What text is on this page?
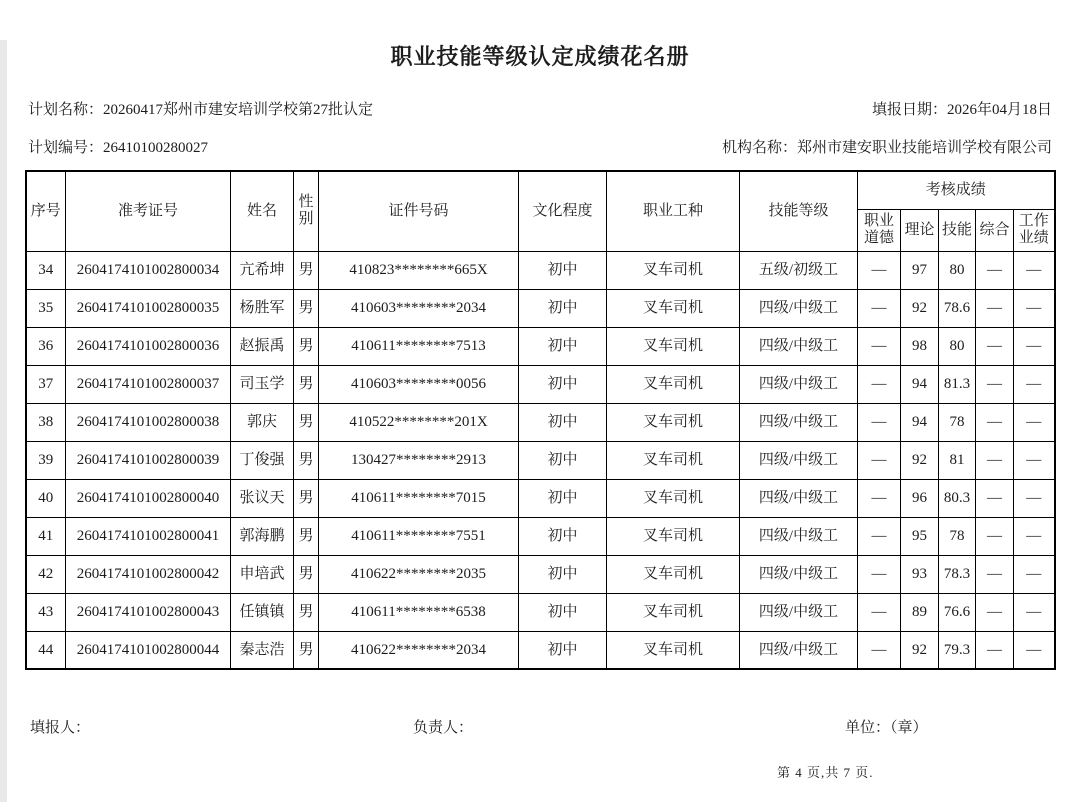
职业技能等级认定成绩花名册
计划名称：20260417郑州市建安培训学校第27批认定	填报日期：2026年04月18日
计划编号：26410100280027	机构名称：郑州市建安职业技能培训学校有限公司
序号	准考证号	姓名	性别	证件号码	文化程度	职业工种	技能等级	考核成绩				
								职业道德	理论	技能	综合	工作业绩
34	2604174101002800034	亢希坤	男	410823********665X	初中	叉车司机	五级/初级工	—	97	80	—	—
35	2604174101002800035	杨胜军	男	410603********2034	初中	叉车司机	四级/中级工	—	92	78.6	—	—
36	2604174101002800036	赵振禹	男	410611********7513	初中	叉车司机	四级/中级工	—	98	80	—	—
37	2604174101002800037	司玉学	男	410603********0056	初中	叉车司机	四级/中级工	—	94	81.3	—	—
38	2604174101002800038	郭庆	男	410522********201X	初中	叉车司机	四级/中级工	—	94	78	—	—
39	2604174101002800039	丁俊强	男	130427********2913	初中	叉车司机	四级/中级工	—	92	81	—	—
40	2604174101002800040	张议天	男	410611********7015	初中	叉车司机	四级/中级工	—	96	80.3	—	—
41	2604174101002800041	郭海鹏	男	410611********7551	初中	叉车司机	四级/中级工	—	95	78	—	—
42	2604174101002800042	申培武	男	410622********2035	初中	叉车司机	四级/中级工	—	93	78.3	—	—
43	2604174101002800043	任镇镇	男	410611********6538	初中	叉车司机	四级/中级工	—	89	76.6	—	—
44	2604174101002800044	秦志浩	男	410622********2034	初中	叉车司机	四级/中级工	—	92	79.3	—	—
填报人：	负责人：	单位：（章）
第 4 页,共 7 页.
